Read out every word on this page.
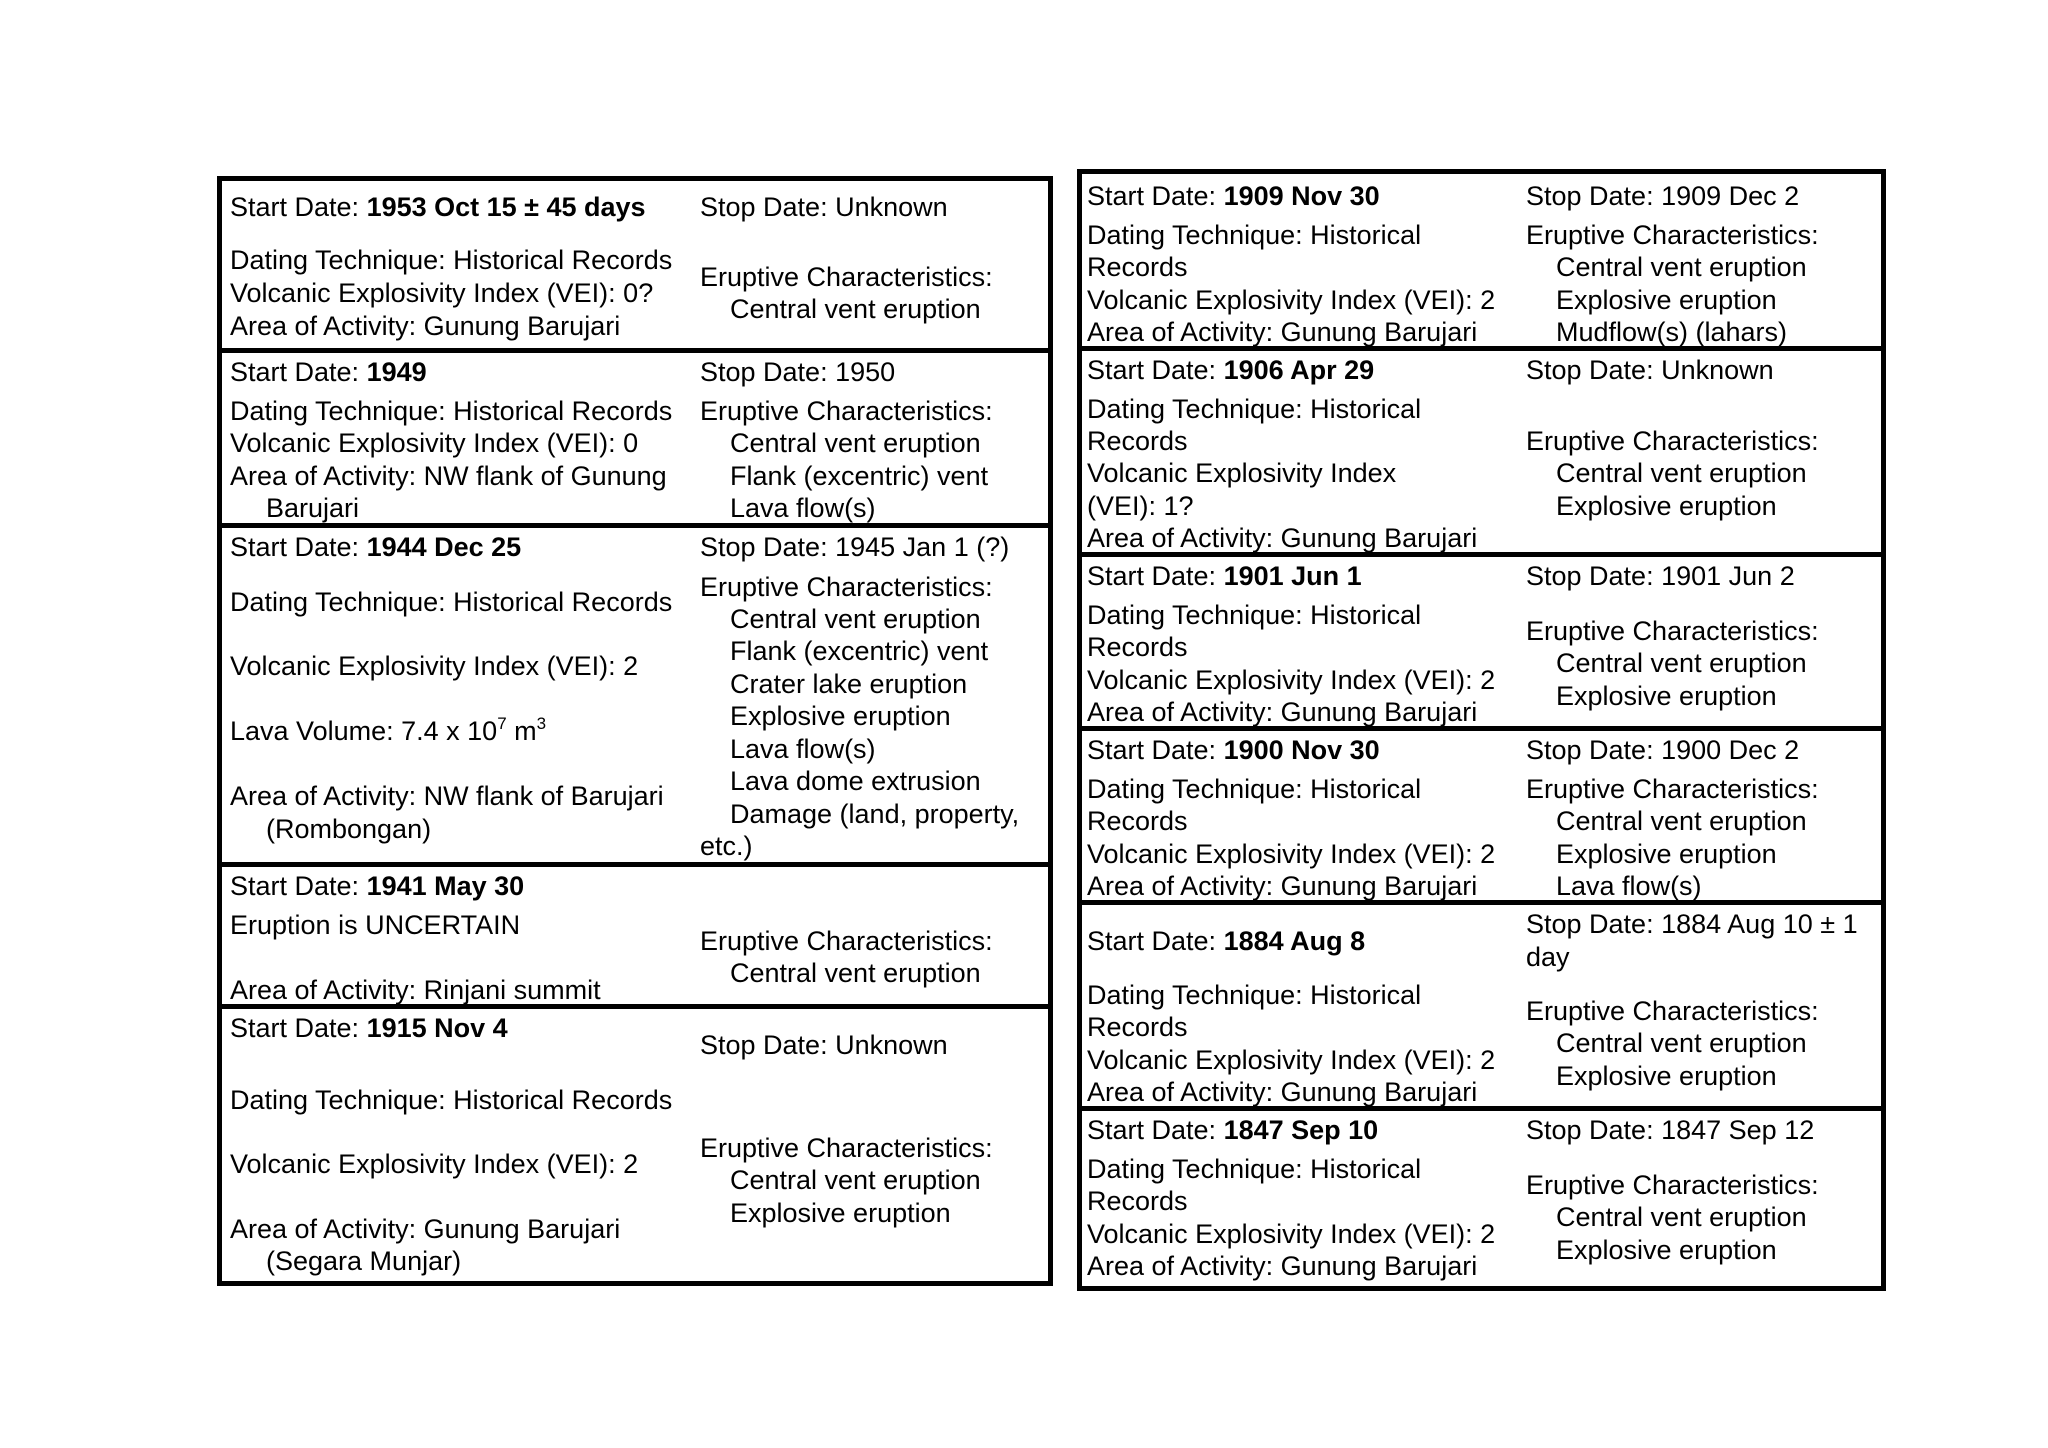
Start Date: 1953 Oct 15 ± 45 days
Dating Technique: Historical Records
Volcanic Explosivity Index (VEI): 0?
Area of Activity: Gunung Barujari
Stop Date: Unknown
Eruptive Characteristics:
Central vent eruption
Start Date: 1949
Dating Technique: Historical Records
Volcanic Explosivity Index (VEI): 0
Area of Activity: NW flank of Gunung
Barujari
Stop Date: 1950
Eruptive Characteristics:
Central vent eruption
Flank (excentric) vent
Lava flow(s)
Start Date: 1944 Dec 25
Dating Technique: Historical Records
Volcanic Explosivity Index (VEI): 2
Lava Volume: 7.4 x $10^7$ $m^3$
Area of Activity: NW flank of Barujari
(Rombongan)
Stop Date: 1945 Jan 1 (?)
Eruptive Characteristics:
Central vent eruption
Flank (excentric) vent
Crater lake eruption
Explosive eruption
Lava flow(s)
Lava dome extrusion
Damage (land, property,
etc.)
Start Date: 1941 May 30
Eruption is UNCERTAIN
Area of Activity: Rinjani summit
Eruptive Characteristics:
Central vent eruption
Start Date: 1915 Nov 4
Dating Technique: Historical Records
Volcanic Explosivity Index (VEI): 2
Area of Activity: Gunung Barujari
(Segara Munjar)
Stop Date: Unknown
Eruptive Characteristics:
Central vent eruption
Explosive eruption
Start Date: 1909 Nov 30
Dating Technique: Historical
Records
Volcanic Explosivity Index (VEI): 2
Area of Activity: Gunung Barujari
Stop Date: 1909 Dec 2
Eruptive Characteristics:
Central vent eruption
Explosive eruption
Mudflow(s) (lahars)
Start Date: 1906 Apr 29
Dating Technique: Historical
Records
Volcanic Explosivity Index
(VEI): 1?
Area of Activity: Gunung Barujari
Stop Date: Unknown
Eruptive Characteristics:
Central vent eruption
Explosive eruption
Start Date: 1901 Jun 1
Dating Technique: Historical
Records
Volcanic Explosivity Index (VEI): 2
Area of Activity: Gunung Barujari
Stop Date: 1901 Jun 2
Eruptive Characteristics:
Central vent eruption
Explosive eruption
Start Date: 1900 Nov 30
Dating Technique: Historical
Records
Volcanic Explosivity Index (VEI): 2
Area of Activity: Gunung Barujari
Stop Date: 1900 Dec 2
Eruptive Characteristics:
Central vent eruption
Explosive eruption
Lava flow(s)
Start Date: 1884 Aug 8
Dating Technique: Historical
Records
Volcanic Explosivity Index (VEI): 2
Area of Activity: Gunung Barujari
Stop Date: 1884 Aug 10 ± 1
day
Eruptive Characteristics:
Central vent eruption
Explosive eruption
Start Date: 1847 Sep 10
Dating Technique: Historical
Records
Volcanic Explosivity Index (VEI): 2
Area of Activity: Gunung Barujari
Stop Date: 1847 Sep 12
Eruptive Characteristics:
Central vent eruption
Explosive eruption
